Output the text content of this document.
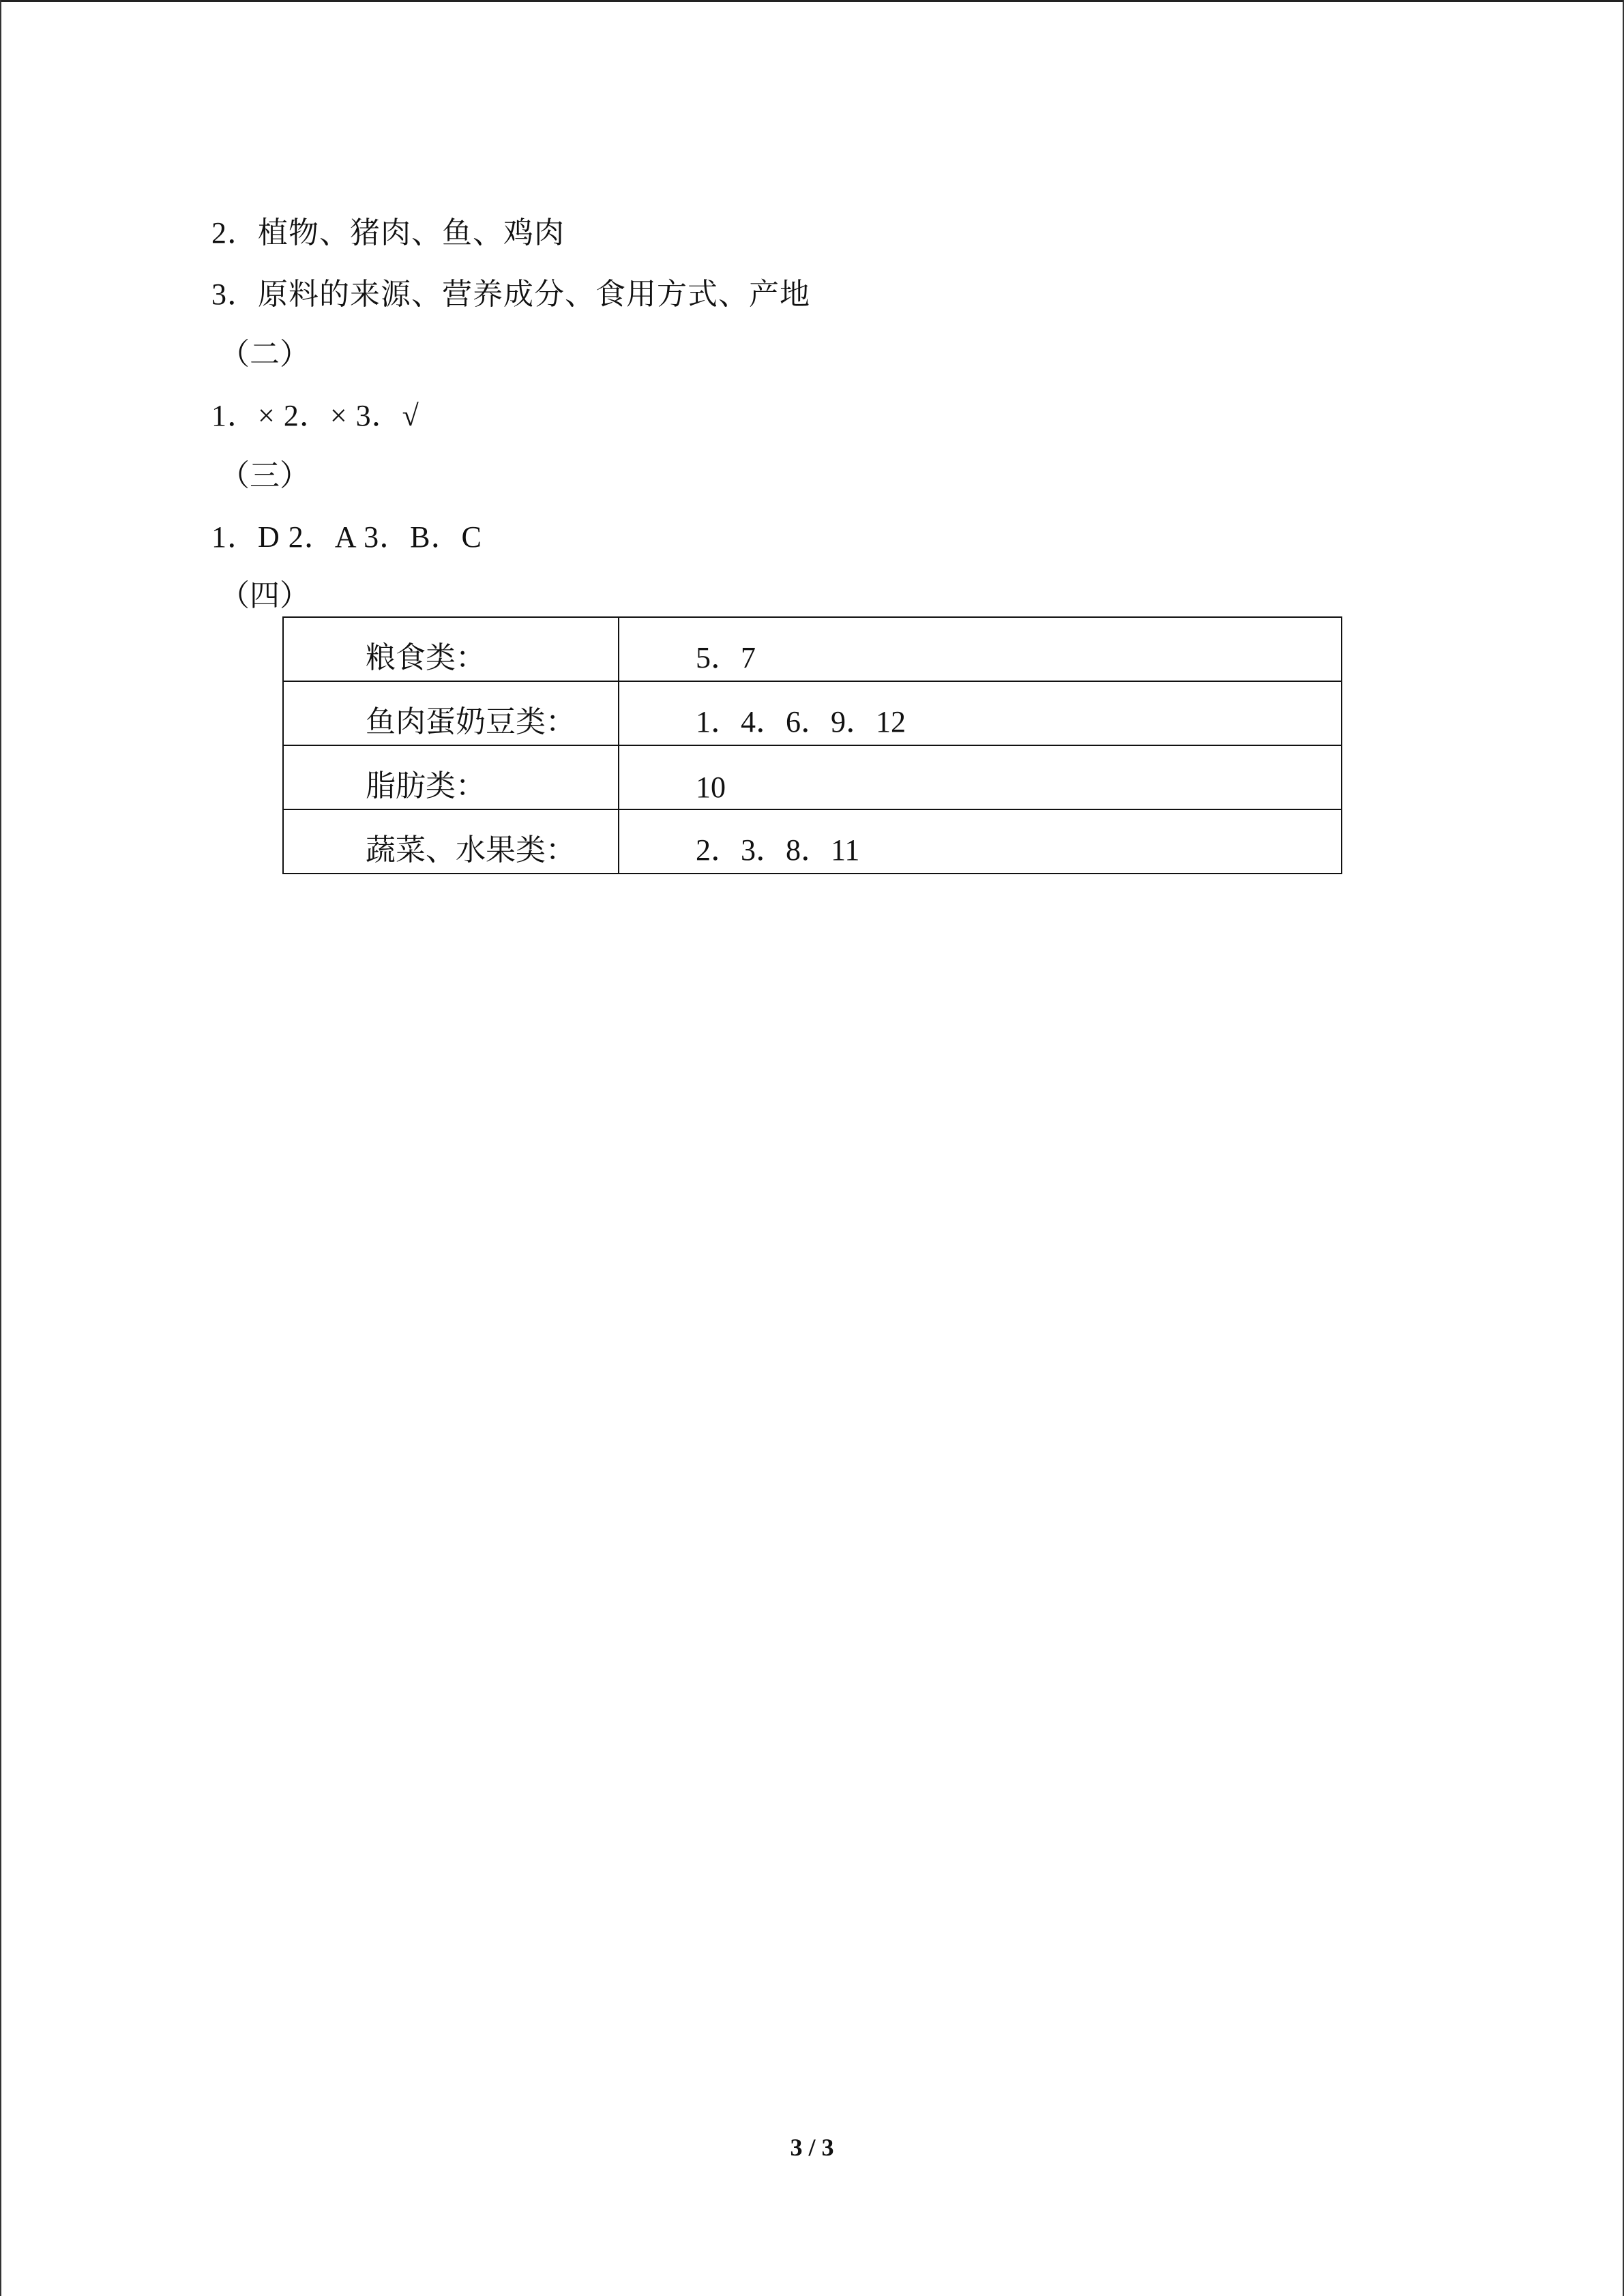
2．植物、猪肉、鱼、鸡肉
3．原料的来源、营养成分、食用方式、产地
（二）
1．× 2．× 3．√
（三）
1．D 2．A 3．B．C
（四）
粮食类：	5．7
鱼肉蛋奶豆类：	1．4．6．9．12
脂肪类：	10
蔬菜、水果类：	2．3．8．11
3 / 3
